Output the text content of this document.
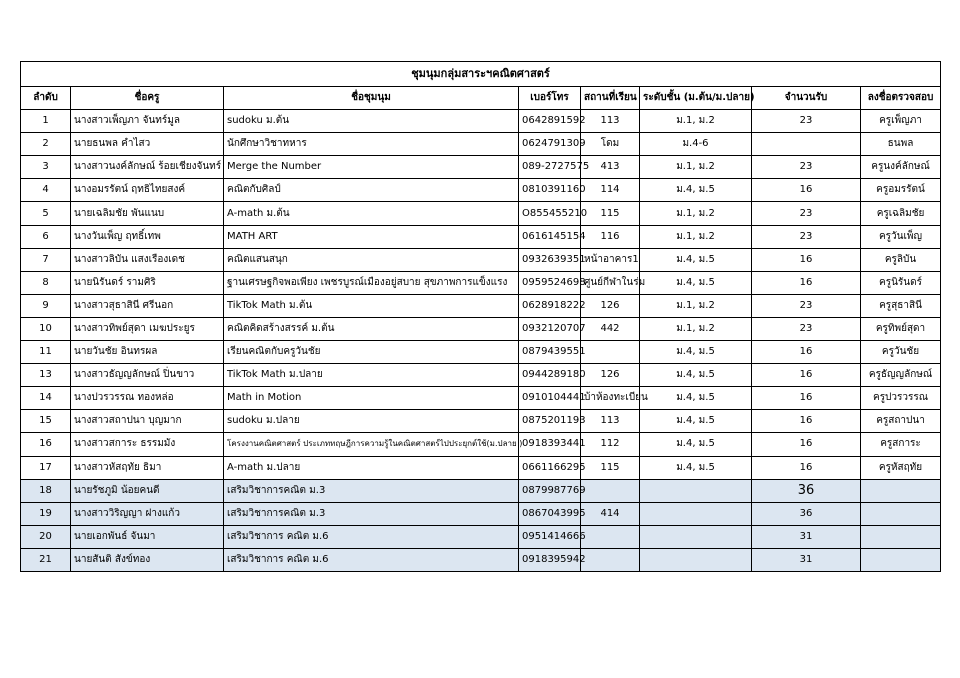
ชุมนุมกลุ่มสาระฯคณิตศาสตร์							
ลำดับ	ชื่อครู	ชื่อชุมนุม	เบอร์โทร	สถานที่เรียน	ระดับชั้น (ม.ต้น/ม.ปลาย)	จำนวนรับ	ลงชื่อตรวจสอบ
1	นางสาวเพ็ญภา จันทร์มูล	sudoku ม.ต้น	0642891592	113	ม.1, ม.2	23	ครูเพ็ญภา
2	นายธนพล คำไสว	นักศึกษาวิชาทหาร	0624791309	โดม	ม.4-6		ธนพล
3	นางสาวนงค์ลักษณ์ ร้อยเชียงจันทร์	Merge the Number	089-2727575	413	ม.1, ม.2	23	ครูนงค์ลักษณ์
4	นางอมรรัตน์ ฤทธิไทยสงค์	คณิตกับศิลป์	0810391160	114	ม.4, ม.5	16	ครูอมรรัตน์
5	นายเฉลิมชัย พันแนบ	A-math ม.ต้น	O855455210	115	ม.1, ม.2	23	ครูเฉลิมชัย
6	นางวันเพ็ญ ฤทธิ์เทพ	MATH ART	0616145154	116	ม.1, ม.2	23	ครูวันเพ็ญ
7	นางสาวลิบัน แสงเรืองเดช	คณิตแสนสนุก	0932639351	หน้าอาคาร1	ม.4, ม.5	16	ครูลิบัน
8	นายนิรันดร์ รามศิริ	ฐานเศรษฐกิจพอเพียง เพชรบูรณ์เมืองอยู่สบาย สุขภาพการแข็งแรง	0959524698	ศูนย์กีฬาในร่ม	ม.4, ม.5	16	ครูนิรันดร์
9	นางสาวสุธาสินี ศรีนอก	TikTok Math ม.ต้น	0628918222	126	ม.1, ม.2	23	ครูสุธาสินี
10	นางสาวทิพย์สุดา เมฆประยูร	คณิตคิดสร้างสรรค์ ม.ต้น	0932120707	442	ม.1, ม.2	23	ครูทิพย์สุดา
11	นายวันชัย อินทรผล	เรียนคณิตกับครูวันชัย	0879439551		ม.4, ม.5	16	ครูวันชัย
13	นางสาวธัญญลักษณ์ ปิ่นขาว	TikTok Math ม.ปลาย	0944289180	126	ม.4, ม.5	16	ครูธัญญลักษณ์
14	นางปวรวรรณ ทองหล่อ	Math in Motion	0910104441	บ้าห้องทะเบียน	ม.4, ม.5	16	ครูปวรวรรณ
15	นางสาวสถาปนา บุญมาก	sudoku ม.ปลาย	0875201193	113	ม.4, ม.5	16	ครูสถาปนา
16	นางสาวสการะ ธรรมมัง	โครงงานคณิตศาสตร์ ประเภททฤษฎีการความรู้ในคณิตศาสตร์ไปประยุกต์ใช้(ม.ปลาย )	0918393441	112	ม.4, ม.5	16	ครูสการะ
17	นางสาวหัสฤทัย ธิมา	A-math ม.ปลาย	0661166295	115	ม.4, ม.5	16	ครูหัสฤทัย
18	นายรัชภูมิ น้อยคนดี	เสริมวิชาการคณิต ม.3	0879987769			36	
19	นางสาววิริญญา ฝางแก้ว	เสริมวิชาการคณิต ม.3	0867043995	414		36	
20	นายเอกพันธ์ จันมา	เสริมวิชาการ คณิต ม.6	0951414666			31	
21	นายสันติ สังข์ทอง	เสริมวิชาการ คณิต ม.6	0918395942			31	
